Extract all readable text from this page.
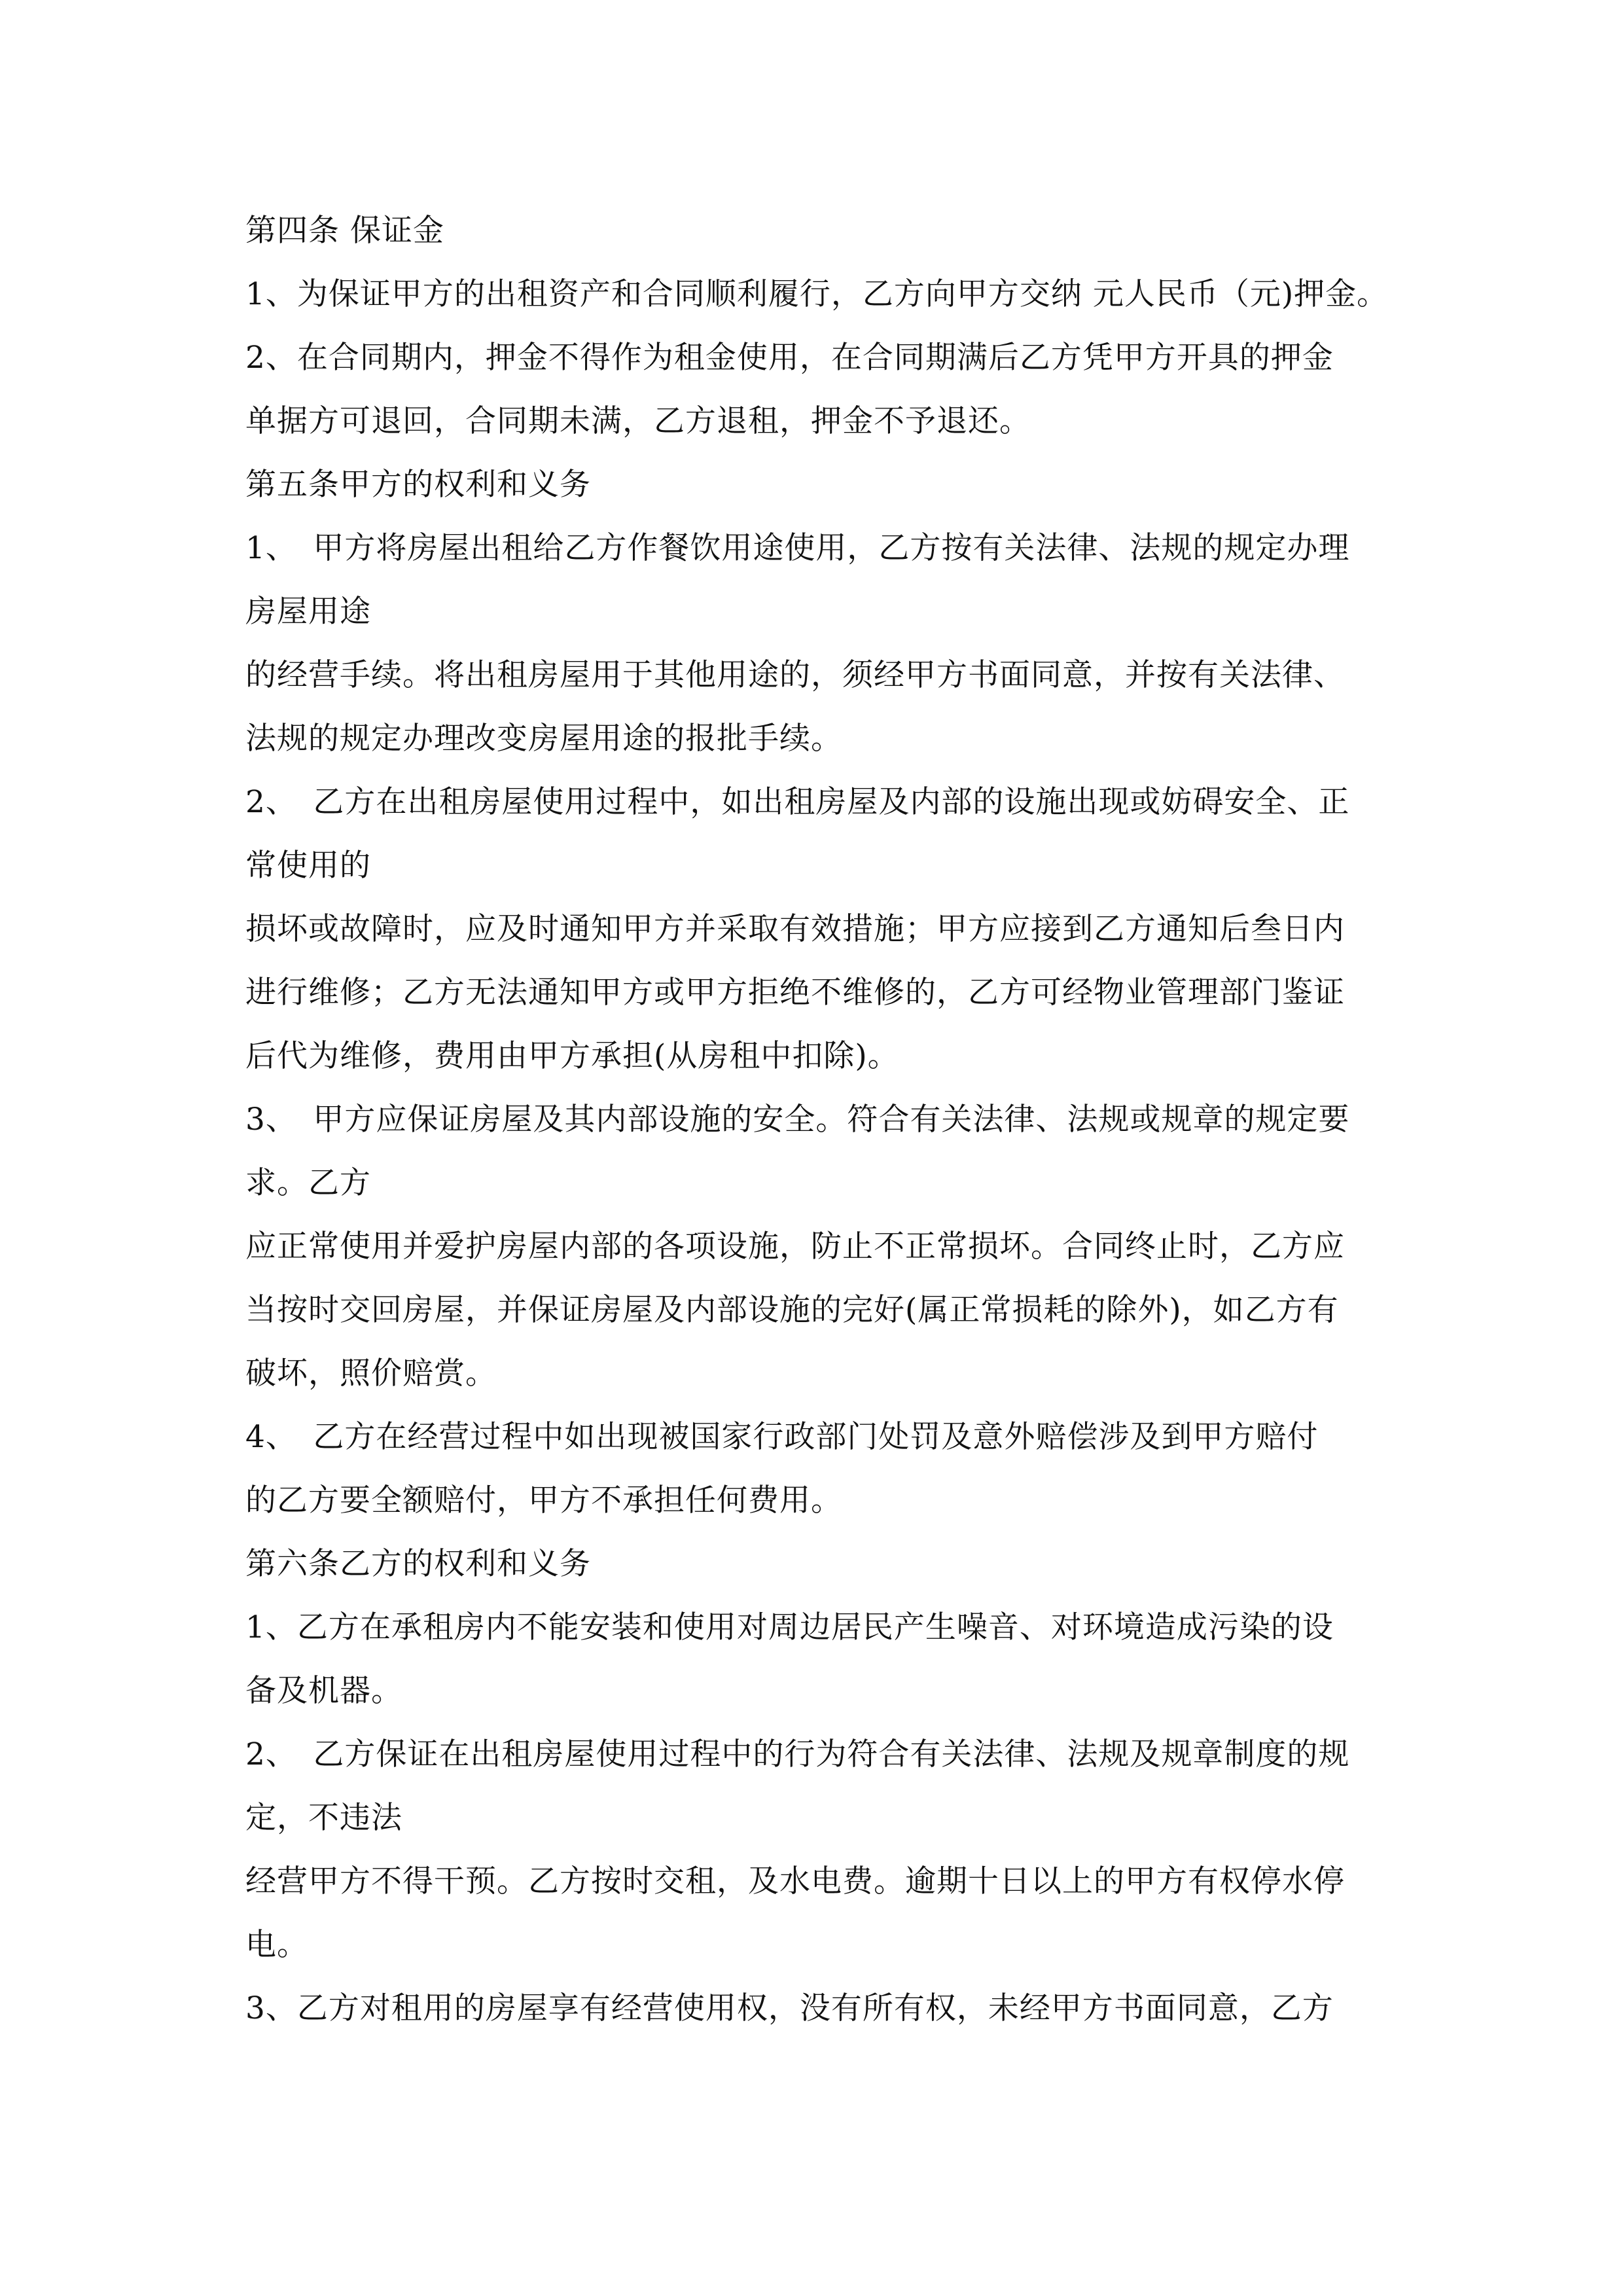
第四条 保证金
1、为保证甲方的出租资产和合同顺利履行，乙方向甲方交纳 元人民币（元)押金。
2、在合同期内，押金不得作为租金使用，在合同期满后乙方凭甲方开具的押金
单据方可退回，合同期未满，乙方退租，押金不予退还。
第五条甲方的权利和义务
1、　甲方将房屋出租给乙方作餐饮用途使用，乙方按有关法律、法规的规定办理
房屋用途
的经营手续。将出租房屋用于其他用途的，须经甲方书面同意，并按有关法律、
法规的规定办理改变房屋用途的报批手续。
2、　乙方在出租房屋使用过程中，如出租房屋及内部的设施出现或妨碍安全、正
常使用的
损坏或故障时，应及时通知甲方并采取有效措施；甲方应接到乙方通知后叁日内
进行维修；乙方无法通知甲方或甲方拒绝不维修的，乙方可经物业管理部门鉴证
后代为维修，费用由甲方承担(从房租中扣除)。
3、　甲方应保证房屋及其内部设施的安全。符合有关法律、法规或规章的规定要
求。乙方
应正常使用并爱护房屋内部的各项设施，防止不正常损坏。合同终止时，乙方应
当按时交回房屋，并保证房屋及内部设施的完好(属正常损耗的除外)，如乙方有
破坏，照价赔赏。
4、　乙方在经营过程中如出现被国家行政部门处罚及意外赔偿涉及到甲方赔付
的乙方要全额赔付，甲方不承担任何费用。
第六条乙方的权利和义务
1、乙方在承租房内不能安装和使用对周边居民产生噪音、对环境造成污染的设
备及机器。
2、　乙方保证在出租房屋使用过程中的行为符合有关法律、法规及规章制度的规
定，不违法
经营甲方不得干预。乙方按时交租，及水电费。逾期十日以上的甲方有权停水停
电。
3、乙方对租用的房屋享有经营使用权，没有所有权，未经甲方书面同意，乙方
